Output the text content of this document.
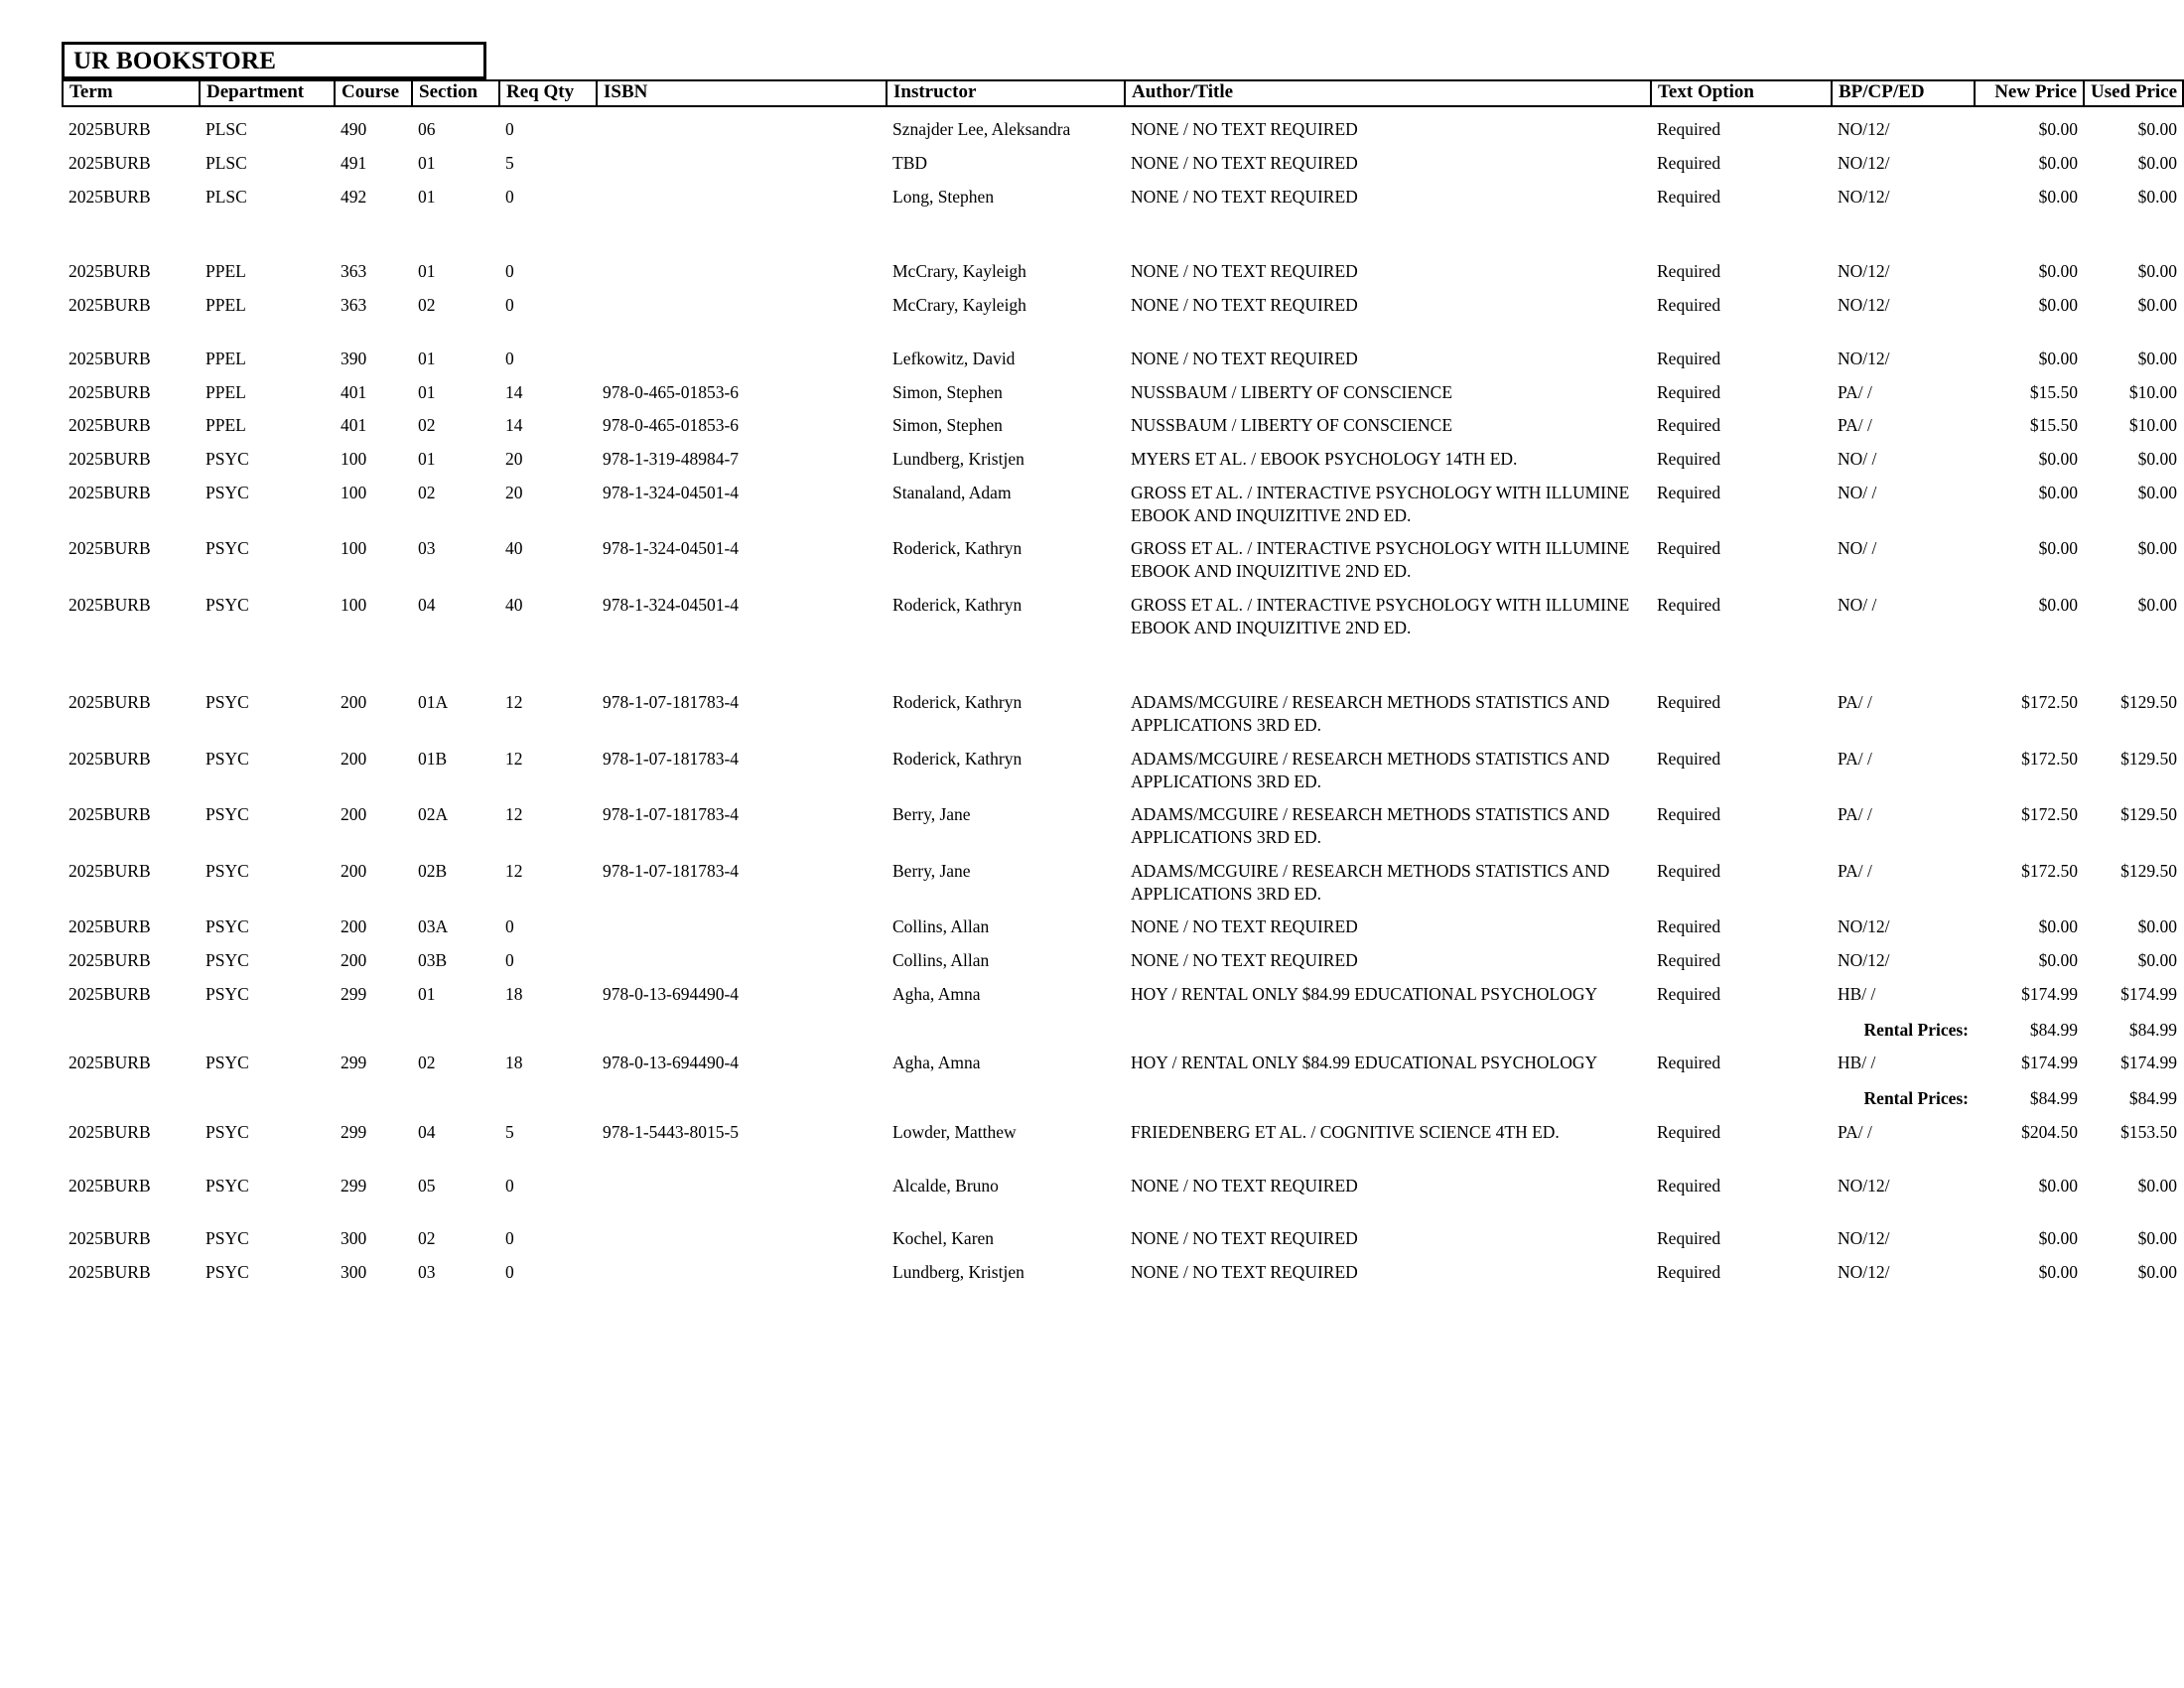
UR BOOKSTORE
Term	Department	Course	Section	Req Qty	ISBN	Instructor	Author/Title	Text Option	BP/CP/ED	New Price	Used Price
2025BURB	PLSC	490	06	0		Sznajder Lee, Aleksandra	NONE / NO TEXT REQUIRED	Required	NO/12/	$0.00	$0.00
2025BURB	PLSC	491	01	5		TBD	NONE / NO TEXT REQUIRED	Required	NO/12/	$0.00	$0.00
2025BURB	PLSC	492	01	0		Long, Stephen	NONE / NO TEXT REQUIRED	Required	NO/12/	$0.00	$0.00

2025BURB	PPEL	363	01	0		McCrary, Kayleigh	NONE / NO TEXT REQUIRED	Required	NO/12/	$0.00	$0.00
2025BURB	PPEL	363	02	0		McCrary, Kayleigh	NONE / NO TEXT REQUIRED	Required	NO/12/	$0.00	$0.00

2025BURB	PPEL	390	01	0		Lefkowitz, David	NONE / NO TEXT REQUIRED	Required	NO/12/	$0.00	$0.00
2025BURB	PPEL	401	01	14	978-0-465-01853-6	Simon, Stephen	NUSSBAUM / LIBERTY OF CONSCIENCE	Required	PA/ /	$15.50	$10.00
2025BURB	PPEL	401	02	14	978-0-465-01853-6	Simon, Stephen	NUSSBAUM / LIBERTY OF CONSCIENCE	Required	PA/ /	$15.50	$10.00
2025BURB	PSYC	100	01	20	978-1-319-48984-7	Lundberg, Kristjen	MYERS ET AL. / EBOOK PSYCHOLOGY 14TH ED.	Required	NO/ /	$0.00	$0.00
2025BURB	PSYC	100	02	20	978-1-324-04501-4	Stanaland, Adam	GROSS ET AL. / INTERACTIVE PSYCHOLOGY WITH ILLUMINE EBOOK AND INQUIZITIVE 2ND ED.	Required	NO/ /	$0.00	$0.00
2025BURB	PSYC	100	03	40	978-1-324-04501-4	Roderick, Kathryn	GROSS ET AL. / INTERACTIVE PSYCHOLOGY WITH ILLUMINE EBOOK AND INQUIZITIVE 2ND ED.	Required	NO/ /	$0.00	$0.00
2025BURB	PSYC	100	04	40	978-1-324-04501-4	Roderick, Kathryn	GROSS ET AL. / INTERACTIVE PSYCHOLOGY WITH ILLUMINE EBOOK AND INQUIZITIVE 2ND ED.	Required	NO/ /	$0.00	$0.00

2025BURB	PSYC	200	01A	12	978-1-07-181783-4	Roderick, Kathryn	ADAMS/MCGUIRE / RESEARCH METHODS STATISTICS AND APPLICATIONS 3RD ED.	Required	PA/ /	$172.50	$129.50
2025BURB	PSYC	200	01B	12	978-1-07-181783-4	Roderick, Kathryn	ADAMS/MCGUIRE / RESEARCH METHODS STATISTICS AND APPLICATIONS 3RD ED.	Required	PA/ /	$172.50	$129.50
2025BURB	PSYC	200	02A	12	978-1-07-181783-4	Berry, Jane	ADAMS/MCGUIRE / RESEARCH METHODS STATISTICS AND APPLICATIONS 3RD ED.	Required	PA/ /	$172.50	$129.50
2025BURB	PSYC	200	02B	12	978-1-07-181783-4	Berry, Jane	ADAMS/MCGUIRE / RESEARCH METHODS STATISTICS AND APPLICATIONS 3RD ED.	Required	PA/ /	$172.50	$129.50
2025BURB	PSYC	200	03A	0		Collins, Allan	NONE / NO TEXT REQUIRED	Required	NO/12/	$0.00	$0.00
2025BURB	PSYC	200	03B	0		Collins, Allan	NONE / NO TEXT REQUIRED	Required	NO/12/	$0.00	$0.00
2025BURB	PSYC	299	01	18	978-0-13-694490-4	Agha, Amna	HOY / RENTAL ONLY $84.99 EDUCATIONAL PSYCHOLOGY	Required	HB/ /	$174.99	$174.99
									Rental Prices:	$84.99	$84.99
2025BURB	PSYC	299	02	18	978-0-13-694490-4	Agha, Amna	HOY / RENTAL ONLY $84.99 EDUCATIONAL PSYCHOLOGY	Required	HB/ /	$174.99	$174.99
									Rental Prices:	$84.99	$84.99
2025BURB	PSYC	299	04	5	978-1-5443-8015-5	Lowder, Matthew	FRIEDENBERG ET AL. / COGNITIVE SCIENCE 4TH ED.	Required	PA/ /	$204.50	$153.50

2025BURB	PSYC	299	05	0		Alcalde, Bruno	NONE / NO TEXT REQUIRED	Required	NO/12/	$0.00	$0.00

2025BURB	PSYC	300	02	0		Kochel, Karen	NONE / NO TEXT REQUIRED	Required	NO/12/	$0.00	$0.00
2025BURB	PSYC	300	03	0		Lundberg, Kristjen	NONE / NO TEXT REQUIRED	Required	NO/12/	$0.00	$0.00
